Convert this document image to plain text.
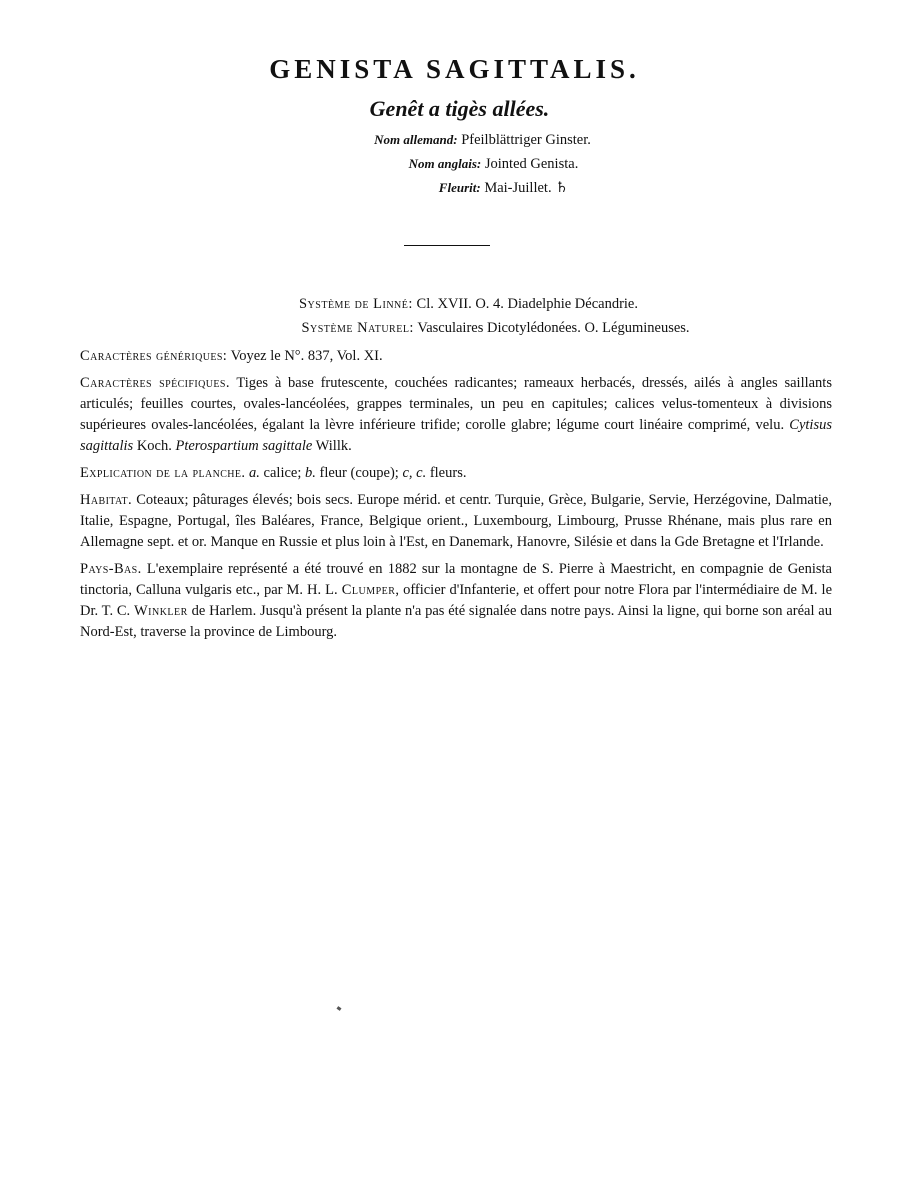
GENISTA SAGITTALIS.
Genêt a tigès allées.
Nom allemand: Pfeilblättriger Ginster.
Nom anglais: Jointed Genista.
Fleurit: Mai-Juillet. ♄
Système de Linné: Cl. XVII. O. 4. Diadelphie Décandrie.
Système Naturel: Vasculaires Dicotylédonées. O. Légumineuses.

Caractères génériques: Voyez le N°. 837, Vol. XI.

Caractères spécifiques. Tiges à base frutescente, couchées radicantes; rameaux herbacés, dressés, ailés à angles saillants articulés; feuilles courtes, ovales-lancéolées, grappes terminales, un peu en capitules; calices velus-tomenteux à divisions supérieures ovales-lancéolées, égalant la lèvre inférieure trifide; corolle glabre; légume court linéaire comprimé, velu. Cytisus sagittalis Koch. Pterospartium sagittale Willk.

Explication de la planche. a. calice; b. fleur (coupe); c, c. fleurs.

Habitat. Coteaux; pâturages élevés; bois secs. Europe mérid. et centr. Turquie, Grèce, Bulgarie, Servie, Herzégovine, Dalmatie, Italie, Espagne, Portugal, îles Baléares, France, Belgique orient., Luxembourg, Limbourg, Prusse Rhénane, mais plus rare en Allemagne sept. et or. Manque en Russie et plus loin à l'Est, en Danemark, Hanovre, Silésie et dans la Gde Bretagne et l'Irlande.

Pays-Bas. L'exemplaire représenté a été trouvé en 1882 sur la montagne de S. Pierre à Maestricht, en compagnie de Genista tinctoria, Calluna vulgaris etc., par M. H. L. Clumper, officier d'Infanterie, et offert pour notre Flora par l'intermédiaire de M. le Dr. T. C. Winkler de Harlem. Jusqu'à présent la plante n'a pas été signalée dans notre pays. Ainsi la ligne, qui borne son aréal au Nord-Est, traverse la province de Limbourg.
